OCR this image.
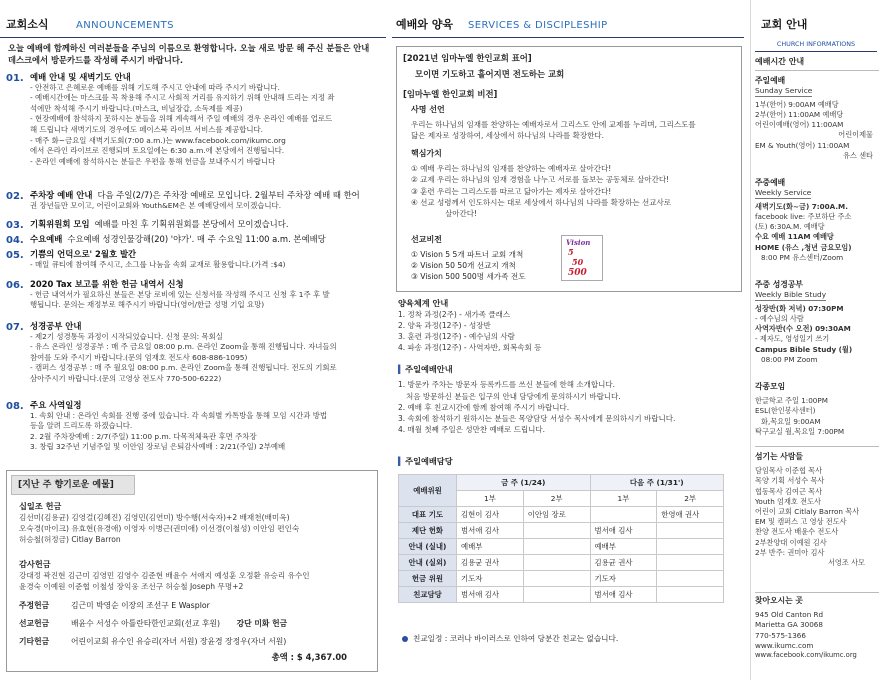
교회소식	ANNOUNCEMENTS
오늘 예배에 함께하신 여러분들을 주님의 이름으로 환영합니다. 오늘 새로 방문 해 주신 분들은 안내 데스크에서 방문카드를 작성해 주시기 바랍니다.
01. 예배 안내 및 새벽기도 안내
- 안전하고 은혜로운 예배를 위해 기도해 주시고 안내에 따라 주시기 바랍니다.
- 예배시간에는 마스크를 꼭 착용해 주시고 사회적 거리를 유지하기 위해 안내해 드리는 지정 좌
석에만 착석해 주시기 바랍니다.(마스크, 비닐장갑, 소독제를 제공)
- 현장예배에 참석하지 못하시는 분들을 위해 계속해서 주일 예배의 경우 온라인 예배를 업로드
해 드립니다 새벽기도의 경우에도 페이스북 라이브 서비스를 제공합니다.
- 매주 화~금요일 새벽기도회(7:00 a.m.)는 www.facebook.com/ikumc.org
에서 온라인 라이브로 진행되며 토요일에는 6:30 a.m.에 본당에서 진행됩니다.
- 온라인 예배에 참석하시는 분들은 우편을 통해 헌금을 보내주시기 바랍니다
02. 주차장 예배 안내 다음 주일(2/7)은 주차장 예배로 모입니다. 2월부터 주차장 예배 때 한어
권 장년들만 모이고, 어린이교회와 Youth&EM은 본 예배당에서 모이겠습니다.
03. 기획위원회 모임 예배를 마친 후 기획위원회를 본당에서 모이겠습니다.
04. 수요예배 수요예배 성경인물강해(20) '야가'. 매 주 수요일 11:00 a.m. 본예배당
05. 기쁨의 언덕으로' 2월호 발간
- 매일 큐티에 참여해 주시고, 소그룹 나눔을 속회 교재로 활용합니다.(가격 :$4)
06. 2020 Tax 보고를 위한 헌금 내역서 신청
- 헌금 내역서가 필요하신 분들은 본당 로비에 있는 신청서를 작성해 주시고 신청 후 1주 후 발
행됩니다. 문의는 재정부로 해주시기 바랍니다(영어/한글 성명 기입 요망)
07. 성경공부 안내
- 제2기 성경통독 과정이 시작되었습니다. 신청 문의: 목회실
- 유스 온라인 성경공부 : 매 주 금요일 08:00 p.m. 온라인 Zoom을 통해 진행됩니다. 자녀들의
참여를 도와 주시기 바랍니다.(문의 엄재호 전도사 608-886-1095)
- 캠퍼스 성경공부 : 매 주 월요일 08:00 p.m. 온라인 Zoom을 통해 진행됩니다. 전도의 기회로
삼아주시기 바랍니다.(문의 고영상 전도사 770-500-6222)
08. 주요 사역일정
1. 속회 안내 : 온라인 속회를 진행 중에 있습니다. 각 속회별 카톡방을 통해 모임 시간과 방법
등을 알려 드리도록 하겠습니다.
2. 2월 주차장예배 : 2/7(주일) 11:00 p.m. 다목적체육관 후면 주차장
3. 창립 32주년 기념주일 및 이안임 장로님 은퇴감사예배 : 2/21(주일) 2부예배
[지난 주 향기로운 예물]
십일조 헌금
김선미(김용균) 김영걸(김혜진) 김영민(김연미) 방수행(서숙자)+2 배재천(배미옥)
오숙경(마이크) 유효현(유경애) 이영자 이병근(권미애) 이선경(이철성) 이안임 편인숙
허승철(허정금) Citlay Barron
감사헌금
강대정 곽진현 김근미 김영민 김영수 김준현 배윤수 서애지 예성훈 오정환 유승리 유수인
윤경숙 이예원 이준협 이철성 장익웅 조선구 허승철 Joseph 무명+2
주정헌금	김근미 박영순 이장의 조선구 E Wasplor
선교헌금	배윤수 서성수 아틀란타한인교회(선교 후원) 강단 미화 헌금
기타헌금	어린이교회 유수인 유승리(자녀 서원) 장윤경 장정우(자녀 서원)
총액 : $ 4,367.00
예배와 양육 SERVICES & DISCIPLESHIP
[2021년 임마누엘 한인교회 표어]
모이면 기도하고 흩어지면 전도하는 교회
[임마누엘 한인교회 비전]
사명 선언
우리는 하나님의 임재를 찬양하는 예배자로서 그리스도 안에 교제를 누리며, 그리스도를
닮은 제자로 성장하여, 세상에서 하나님의 나라를 확장한다.
핵심가치
① 예배 우리는 하나님의 임재를 찬양하는 예배자로 살아간다!
② 교제 우리는 하나님의 임재 경험을 나누고 서로를 돌보는 공동체로 살아간다!
③ 훈련 우리는 그리스도를 따르고 닮아가는 제자로 살아간다!
④ 선교 성령께서 인도하시는 대로 세상에서 하나님의 나라를 확장하는 선교사로
살아간다!
선교비전
① Vision 5 5개 파트너 교회 개척
② Vision 50 50개 선교지 개척
③ Vision 500 500명 세가족 전도
Vision
5
50
500
양육체계 안내
1. 정착 과정(2주) - 새가족 클래스
2. 양육 과정(12주) - 성장반
3. 훈련 과정(12주) - 예수님의 사람
4. 파송 과정(12주) - 사역자반, 회복속회 등
▍ 주일예배안내
1. 방문카 주차는 방문자 등록카드를 쓰신 분들에 한해 소개합니다.
처음 방문하신 분들은 입구의 안내 담당에게 문의하시기 바랍니다.
2. 예배 후 친교시간에 함께 참여해 주시기 바랍니다.
3. 속회에 참석하기 원하시는 분들은 목양담당 서성수 목사에게 문의하시기 바랍니다.
4. 매월 첫째 주일은 성만찬 예배로 드립니다.
▍ 주일예배담당
예배위원	금 주 (1/24)		다음 주 (1/31')	
	1부	2부	1부	2부
대표 기도	김현이 김사	이안임 장로		한영애 권사
제단 헌화	범서애 김사		범서애 김사	
안내 (실내)	예배부		예배부	
안내 (실외)	김용균 권사		김용균 권사	
헌금 위원	기도자		기도자	
친교담당	범서애 김사		범서애 김사	
친교일정 : 코러나 바이러스로 인하여 당분간 친교는 없습니다.
교회 안내
CHURCH INFORMATIONS
예배시간 안내
주일예배
Sunday Service
1부(한어) 9:00AM 예배당
2부(한어) 11:00AM 예배당
어린이예배(영어) 11:00AM
어린이제물
EM & Youth(영어) 11:00AM
유스 센타
주중예배
Weekly Service
새벽기도(화~금) 7:00A.M.
facebook live: 주보하단 주소
(토) 6:30A.M. 예배당
수요 예배 11AM 예배당
HOME (유스 ,청년 금요모임)
8:00 PM 유스센터/Zoom
주중 성경공부
Weekly Bible Study
성장반(화 저녁) 07:30PM
- 예수님의 사람
사역자반(수 오전) 09:30AM
- 제자도, 영성일기 쓰기
Campus Bible Study (월)
08:00 PM Zoom
각종모임
한글학교 주일 1:00PM
ESL(한인봉사센터)
화,목요일 9:00AM
탁구교실 월,목요일 7:00PM
섬기는 사람들
담임목사 이준협 목사
목양 기획 서성수 목사
협동목사 김여근 목사
Youth 엄재호 전도사
어린이 교회 Citlaly Barron 목사
EM 및 캠퍼스 고 영상 전도사
찬양 전도사 배윤수 전도사
2부찬양대 이예원 김사
2부 반주: 권미아 김사
서영조 사모
찾아오시는 곳
945 Old Canton Rd
Marietta GA 30068
770-575-1366
www.ikumc.com
www.facebook.com/ikumc.org
